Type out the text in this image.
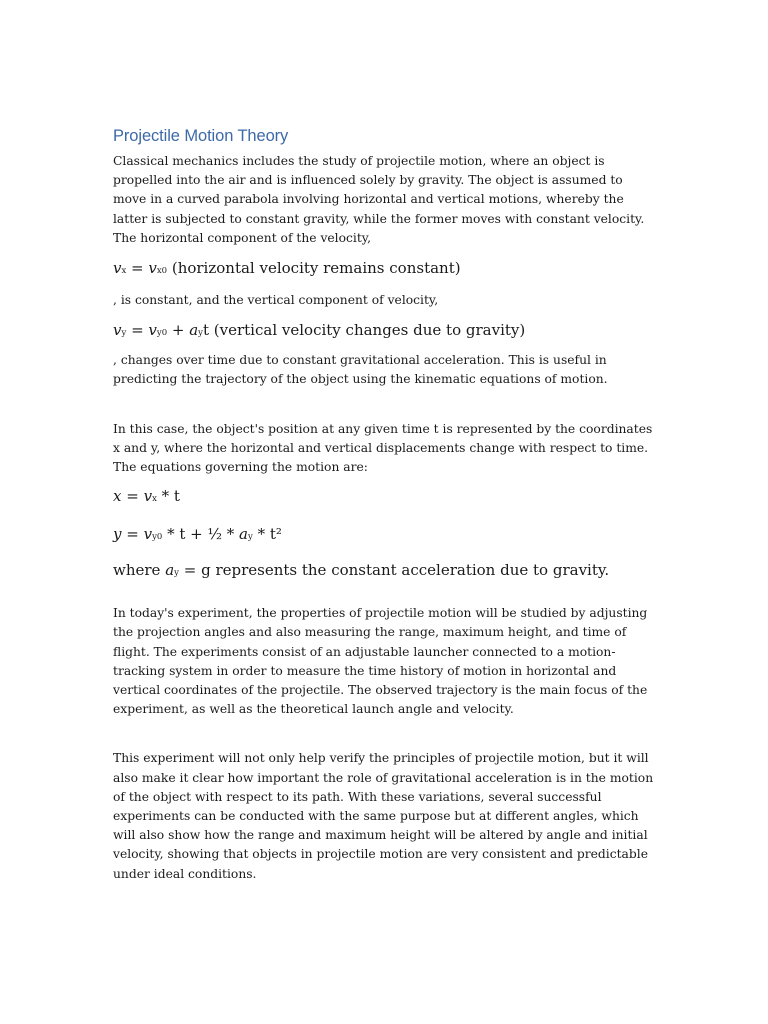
Projectile Motion Theory

Classical mechanics includes the study of projectile motion, where an object is propelled into the air and is influenced solely by gravity. The object is assumed to move in a curved parabola involving horizontal and vertical motions, whereby the latter is subjected to constant gravity, while the former moves with constant velocity. The horizontal component of the velocity,

vx = vx0 (horizontal velocity remains constant)

, is constant, and the vertical component of velocity,

vy = vy0 + ayt (vertical velocity changes due to gravity)

, changes over time due to constant gravitational acceleration. This is useful in predicting the trajectory of the object using the kinematic equations of motion.

In this case, the object's position at any given time t is represented by the coordinates x and y, where the horizontal and vertical displacements change with respect to time. The equations governing the motion are:

x = vx * t

y = vy0 * t + ½ * ay * t²

where ay = g represents the constant acceleration due to gravity.

In today's experiment, the properties of projectile motion will be studied by adjusting the projection angles and also measuring the range, maximum height, and time of flight. The experiments consist of an adjustable launcher connected to a motion-tracking system in order to measure the time history of motion in horizontal and vertical coordinates of the projectile. The observed trajectory is the main focus of the experiment, as well as the theoretical launch angle and velocity.

This experiment will not only help verify the principles of projectile motion, but it will also make it clear how important the role of gravitational acceleration is in the motion of the object with respect to its path. With these variations, several successful experiments can be conducted with the same purpose but at different angles, which will also show how the range and maximum height will be altered by angle and initial velocity, showing that objects in projectile motion are very consistent and predictable under ideal conditions.
